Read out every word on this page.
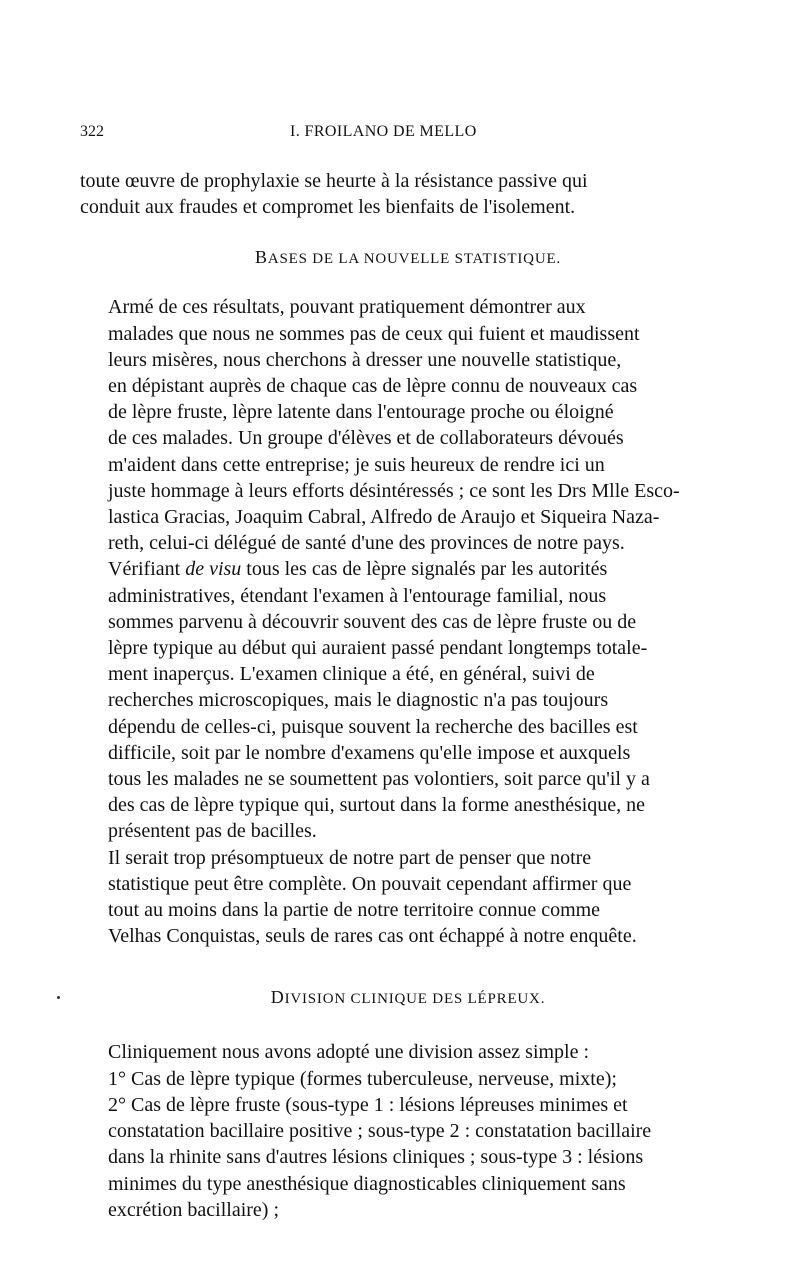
322	I. FROILANO DE MELLO

toute œuvre de prophylaxie se heurte à la résistance passive qui
conduit aux fraudes et compromet les bienfaits de l'isolement.

BASES DE LA NOUVELLE STATISTIQUE.

Armé de ces résultats, pouvant pratiquement démontrer aux
malades que nous ne sommes pas de ceux qui fuient et maudissent
leurs misères, nous cherchons à dresser une nouvelle statistique,
en dépistant auprès de chaque cas de lèpre connu de nouveaux cas
de lèpre fruste, lèpre latente dans l'entourage proche ou éloigné
de ces malades. Un groupe d'élèves et de collaborateurs dévoués
m'aident dans cette entreprise; je suis heureux de rendre ici un
juste hommage à leurs efforts désintéressés ; ce sont les Drs Mlle Esco-
lastica Gracias, Joaquim Cabral, Alfredo de Araujo et Siqueira Naza-
reth, celui-ci délégué de santé d'une des provinces de notre pays.

Vérifiant de visu tous les cas de lèpre signalés par les autorités
administratives, étendant l'examen à l'entourage familial, nous
sommes parvenu à découvrir souvent des cas de lèpre fruste ou de
lèpre typique au début qui auraient passé pendant longtemps totale-
ment inaperçus. L'examen clinique a été, en général, suivi de
recherches microscopiques, mais le diagnostic n'a pas toujours
dépendu de celles-ci, puisque souvent la recherche des bacilles est
difficile, soit par le nombre d'examens qu'elle impose et auxquels
tous les malades ne se soumettent pas volontiers, soit parce qu'il y a
des cas de lèpre typique qui, surtout dans la forme anesthésique, ne
présentent pas de bacilles.

Il serait trop présomptueux de notre part de penser que notre
statistique peut être complète. On pouvait cependant affirmer que
tout au moins dans la partie de notre territoire connue comme
Velhas Conquistas, seuls de rares cas ont échappé à notre enquête.

DIVISION CLINIQUE DES LÉPREUX.

Cliniquement nous avons adopté une division assez simple :
1° Cas de lèpre typique (formes tuberculeuse, nerveuse, mixte);
2° Cas de lèpre fruste (sous-type 1 : lésions lépreuses minimes et
constatation bacillaire positive ; sous-type 2 : constatation bacillaire
dans la rhinite sans d'autres lésions cliniques ; sous-type 3 : lésions
minimes du type anesthésique diagnosticables cliniquement sans
excrétion bacillaire) ;
